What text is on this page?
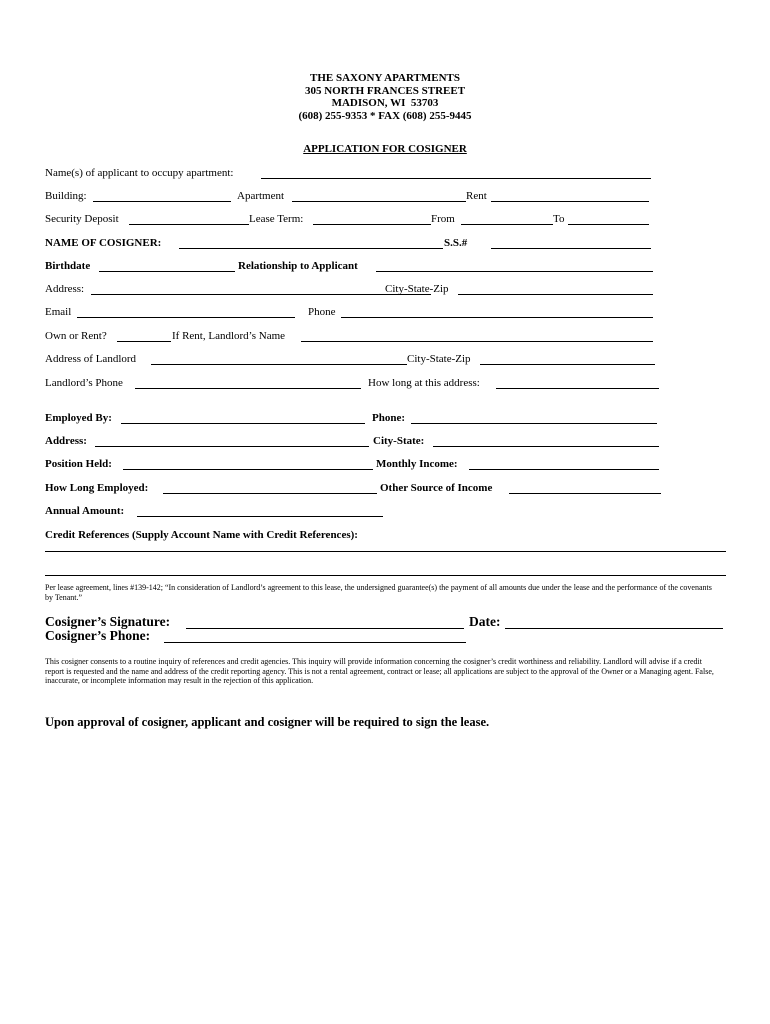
THE SAXONY APARTMENTS
305 NORTH FRANCES STREET
MADISON, WI  53703
(608) 255-9353 * FAX (608) 255-9445
APPLICATION FOR COSIGNER
Name(s) of applicant to occupy apartment:
Building:	Apartment	Rent
Security Deposit	Lease Term:	From	To
NAME OF COSIGNER:	S.S.#
Birthdate	Relationship to Applicant
Address:	City-State-Zip
Email	Phone
Own or Rent?	If Rent, Landlord’s Name
Address of Landlord	City-State-Zip
Landlord’s Phone	How long at this address:
Employed By:	Phone:
Address:	City-State:
Position Held:	Monthly Income:
How Long Employed:	Other Source of Income
Annual Amount:
Credit References (Supply Account Name with Credit References):
Per lease agreement, lines #139-142; “In consideration of Landlord’s agreement to this lease, the undersigned guarantee(s) the payment of all amounts due under the lease and the performance of the covenants by Tenant.”
Cosigner’s Signature:	Date:
Cosigner’s Phone:
This cosigner consents to a routine inquiry of references and credit agencies. This inquiry will provide information concerning the cosigner’s credit worthiness and reliability. Landlord will advise if a credit report is requested and the name and address of the credit reporting agency. This is not a rental agreement, contract or lease; all applications are subject to the approval of the Owner or a Managing agent. False, inaccurate, or incomplete information may result in the rejection of this application.
Upon approval of cosigner, applicant and cosigner will be required to sign the lease.
